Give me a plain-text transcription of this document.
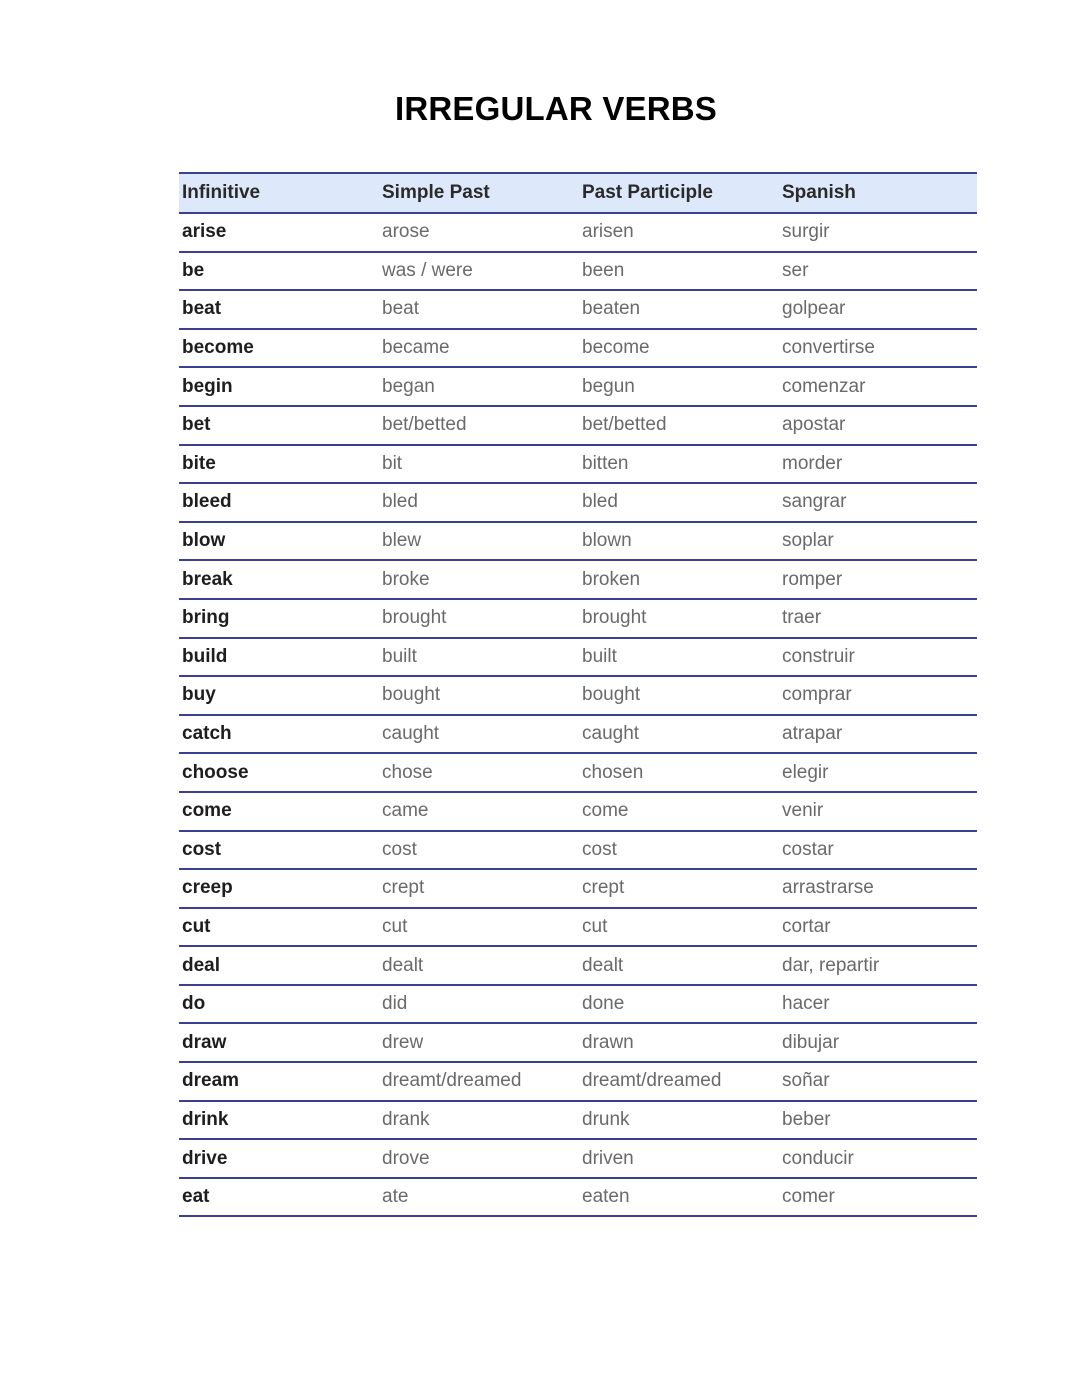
IRREGULAR VERBS
Infinitive	Simple Past	Past Participle	Spanish
arise	arose	arisen	surgir
be	was / were	been	ser
beat	beat	beaten	golpear
become	became	become	convertirse
begin	began	begun	comenzar
bet	bet/betted	bet/betted	apostar
bite	bit	bitten	morder
bleed	bled	bled	sangrar
blow	blew	blown	soplar
break	broke	broken	romper
bring	brought	brought	traer
build	built	built	construir
buy	bought	bought	comprar
catch	caught	caught	atrapar
choose	chose	chosen	elegir
come	came	come	venir
cost	cost	cost	costar
creep	crept	crept	arrastrarse
cut	cut	cut	cortar
deal	dealt	dealt	dar, repartir
do	did	done	hacer
draw	drew	drawn	dibujar
dream	dreamt/dreamed	dreamt/dreamed	soñar
drink	drank	drunk	beber
drive	drove	driven	conducir
eat	ate	eaten	comer
